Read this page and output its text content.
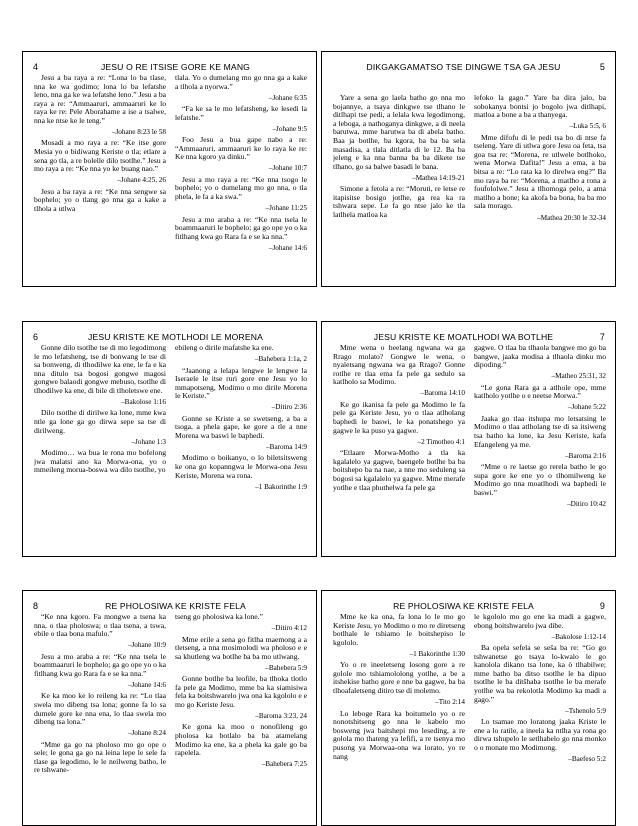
4	JESU O RE ITSISE GORE KE MANG

Jesu a ba raya a re: “Lona lo ba tlase, nna ke wa godimo; lona lo ba lefatshe leno, nna ga ke wa lefatshe leno.” Jesu a ba raya a re: “Ammaaruri, ammaaruri ke lo raya ke re: Pele Aborahame a ise a tsalwe, nna ke ntse ke le teng.”

–Johane 8:23 le 58

Mosadi a mo raya a re: “Ke itse gore Mesia yo o bidiwang Keriste o tla; etlare a sena go tla, a re bolelle dilo tsotlhe.” Jesu a mo raya a re: “Ke nna yo ke buang nao.”

–Johane 4:25, 26

Jesu a ba raya a re: “Ke nna sengwe sa bophelo; yo o tlang go nna ga a kake a tlhola a utlwa

tlala. Yo o dumelang mo go nna ga a kake a tlhola a nyorwa.”

–Johane 6:35

“Fa ke sa le mo lefatsheng, ke lesedi la lefatshe.”

–Johane 9:5

Foo Jesu a bua gape nabo a re: “Ammaaruri, ammaaruri ke lo raya ke re: Ke nna kgoro ya dinku.”

–Johane 10:7

Jesu a mo raya a re: “Ke nna tsogo le bophelo; yo o dumelang mo go nna, o tla phela, le fa a ka swa.”

–Johane 11:25

Jesu a mo araba a re: “Ke nna tsela le boammaaruri le bophelo; ga go ope yo o ka fitlhang kwa go Rara fa e se ka nna.”

–Johane 14:6
5
DIKGAKGAMATSO TSE DINGWE TSA GA JESU

Yare a sena go laela batho go nna mo bojannye, a tsaya dinkgwe tse tlhano le ditlhapi tse pedi, a lelala kwa legodimong, a leboga, a nathoganya dinkgwe, a di neela barutwa, mme barutwa ba di abela batho. Baa ja botlhe, ba kgora, ba ba ba sela masadisa, a tlala ditlatla di le 12. Ba ba jeleng e ka nna banna ba ba dikete tse tlhano, go sa balwe basadi le bana.

–Mathea 14:19-21

Simone a fetola a re: “Moruti, re letse re itapisitse bosigo jotlhe, ga rea ka ra tshwara sepe. Le fa go ntse jalo ke tla latlhela matloa ka

lefoko la gago.” Yare ba dira jalo, ba sobokanya bontsi jo bogolo jwa ditlhapi, matloa a bone a ba a thanyega.

–Luka 5:5, 6

Mme difofu di le pedi tsa bo di ntse fa tseleng. Yare di utlwa gore Jesu oa feta, tsa goa tsa re: “Morena, re utlwele botlhoko, wena Morwa Dafita!” Jesu a ema, a ba bitsa a re: “Lo rata ka lo direlwa eng?” Ba mo raya ba re: “Morena, a matlho a rona a foufololwe.” Jesu a tlhomoga pelo, a ama matlho a bone; ka akofa ba bona, ba ba mo sala morago.

–Mathea 20:30 le 32-34
6	JESU KRISTE KE MOTLHODI LE MORENA

Gonne dilo tsotlhe tse di mo legodimong le mo lefatsheng, tse di bonwang le tse di sa bonweng, di tlhodilwe ka ene, le fa e ka nna ditulo tsa bogosi gongwe magosi gongwe balaodi gongwe mebuso, tsotlhe di tlhodilwe ka ene, di bile di tlholetswe ene.

–Bakolose 1:16

Dilo tsotlhe di dirilwe ka lone, mme kwa ntle ga lone ga go dirwa sepe sa tse di dirilweng.

–Johane 1:3

Modimo… wa bua le rona mo bofelong jwa malatsi ano ka Morwa-ona, yo o mmeileng morua-boswa wa dilo tsotlhe, yo

ebileng o dirile mafatshe ka ene.

–Bahebera 1:1a, 2

“Jaanong a lelapa lengwe le lengwe la Iseraele le itse ruri gore ene Jesu yo lo mmapotseng, Modimo o mo dirile Morena le Keriste.”

–Ditiro 2:36

Gonne se Kriste a se swetseng, a ba a tsoga, a phela gape, ke gore a tle a nne Morena wa baswi le baphedi.

–Baroma 14:9

Modimo o boikanyo, o lo biletsitsweng ke ona go kopanngwa le Morwa-ona Jesu Keriste, Morena wa rona.

–1 Bakorinthe 1:9
7
JESU KRISTE KE MOATLHODI WA BOTLHE

Mme wena o beelang ngwana wa ga Rrago molato? Gongwe le wena, o nyaletsang ngwana wa ga Rrago? Gonne rotlhe re tlaa ema fa pele ga sedulo sa katlholo sa Modimo.

–Baroma 14:10

Ke go ikanisa fa pele ga Modimo le fa pele ga Keriste Jesu, yo o tlaa atlholang baphedi le baswi, le ka ponatshego ya gagwe le ka puso ya gagwe.

–2 Timotheo 4:1

“Etlaare Morwa-Motho a tla ka kgalalelo ya gagwe, baengele botlhe ba ba boitshepo ba na nae, a nne mo seduleng sa bogosi sa kgalalelo ya gagwe. Mme merafe yotlhe e tlaa phuthelwa fa pele ga

gagwe. O tlaa ba tlhaola bangwe mo go ba bangwe, jaaka modisa a tlhaola dinku mo dipoding.”

–Matheo 25:31, 32

“Le gona Rara ga a atlhole ope, mme katlholo yotlhe o e neetse Morwa.”

–Johane 5:22

Jaaka go tlaa itshupa mo letsatsing le Modimo o tlaa atlholang tse di sa itsiweng tsa batho ka lone, ka Jesu Keriste, kafa Efangeleng ya me.

–Baroma 2:16

“Mme o re laetse go rerela batho le go supa gore ke ene yo o tlhomilweng ke Modimo go nna moatlhodi wa baphedi le baswi.”

–Ditiro 10:42
8	RE PHOLOSIWA KE KRISTE FELA

“Ke nna kgoro. Fa mongwe a tsena ka nna, o tlaa pholoswa; o tlaa tsena, a tswa, ebile o tlaa bona mafulo.”

–Johane 10:9

Jesu a mo araba a re: “Ke nna tsela le boammaaruri le bophelo; ga go ope yo o ka fitlhang kwa go Rara fa e se ka nna.”

–Johane 14:6

Ke ka moo ke lo reileng ka re: “Lo tlaa swela mo dibeng tsa lona; gonne fa lo sa dumele gore ke nna ena, lo tlaa swela mo dibeng tsa lona.”

–Johane 8:24

“Mme ga go na pholoso mo go ope o sele; le gona ga go na leina lepe le sele fa tlase ga legodimo, le le neilweng batho, le re tshwane-

tseng go pholosiwa ka lone.”

–Ditiro 4:12

Mme erile a sena go fitlha maemong a a tletseng, a nna mosimolodi wa pholoso e e sa khutleng wa botlhe ba ba mo utlwang.

–Bahebera 5:9

Gonne botlhe ba leofile, ba tlhoka tlotlo fa pele ga Modimo, mme ba ka siamisiwa fela ka boitshwarelo jwa ona ka kgololo e e mo go Keriste Jesu.

–Baroma 3:23, 24

Ke gona ka moo o nonofileng go pholosa ka botlalo ba ba atamelang Modimo ka ene, ka a phela ka gale go ba rapelela.

–Bahebera 7:25
9
RE PHOLOSIWA KE KRISTE FELA

Mme ke ka ona, fa lona lo le mo go Keriste Jesu, yo Modimo o mo re diretseng botlhale le tshiamo le boitshepiso le kgololo.

–1 Bakorinthe 1:30

Yo o re ineeletseng losong gore a re golole mo tshiamololong yotlhe, a be a itshekise batho gore e nne ba gagwe, ba ba tlhoafaletseng ditiro tse di molemo.

–Tito 2:14

Lo leboge Rara ka boitumelo yo o re nonotshitseng go nna le kabelo mo bosweng jwa baitshepi mo leseding, a re golola mo thateng ya lefifi, a re tsenya mo pusong ya Morwaa-ona wa lorato, yo re nang

le kgololo mo go ene ka madi a gagwe, ebong boitshwarelo jwa dibe.

–Bakolose 1:12-14

Ba opela sefela se seša ba re: “Go go tshwanetse go tsaya lo-kwalo le go kanolola dikano tsa lone, ka ò tlhabilwe; mme batho ba ditso tsotlhe le ba dipuo tsotlhe le ba ditšhaba tsotlhe le ba merafe yotlhe wa ba rekolotla Modimo ka madi a gago.”

–Tshenolo 5:9

Lo tsamae mo loratong jaaka Kriste le ene a lo ratile, a ineela ka ntlha ya rona go dirwa tshupelo le setlhabelo go nna monko o o monate mo Modimong.

–Baefeso 5:2
